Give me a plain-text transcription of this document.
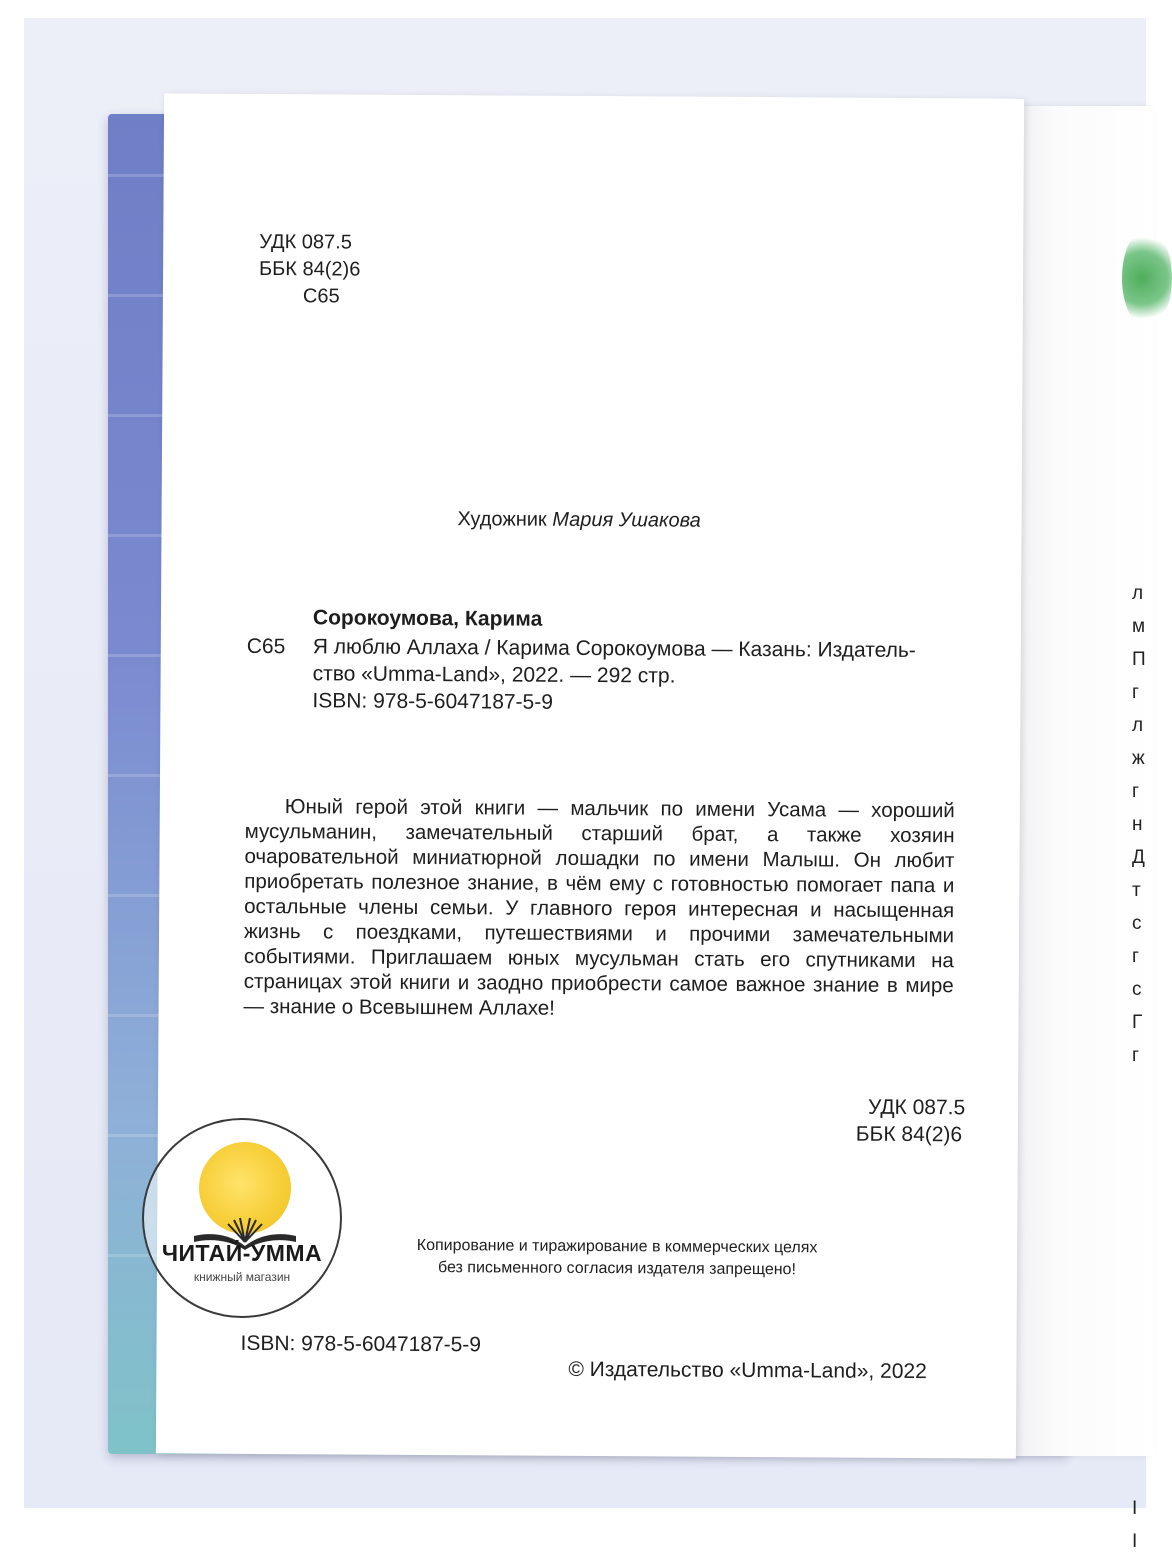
л
м
П
г
л
ж
г
н
Д
т
с
г
с
Г
г
I
I
УДК 087.5
ББК 84(2)6
С65
Художник Мария Ушакова
Сорокоумова, Карима
С65 Я люблю Аллаха / Карима Сорокоумова — Казань: Издатель-
ство «Umma-Land», 2022. — 292 стр.
ISBN: 978-5-6047187-5-9

Юный герой этой книги — мальчик по имени Усама — хороший мусульманин, замечательный старший брат, а также хозяин очаровательной миниатюрной лошадки по имени Малыш. Он любит приобретать полезное знание, в чём ему с готовностью помогает папа и остальные члены семьи. У главного героя интересная и насыщенная жизнь с поездками, путешествиями и прочими замечательными событиями. Приглашаем юных мусульман стать его спутниками на страницах этой книги и заодно приобрести самое важное знание в мире — знание о Всевышнем Аллахе!

УДК 087.5
ББК 84(2)6
Копирование и тиражирование в коммерческих целях
без письменного согласия издателя запрещено!
ISBN: 978-5-6047187-5-9
© Издательство «Umma-Land», 2022
ЧИТАЙ-УММА
книжный магазин
